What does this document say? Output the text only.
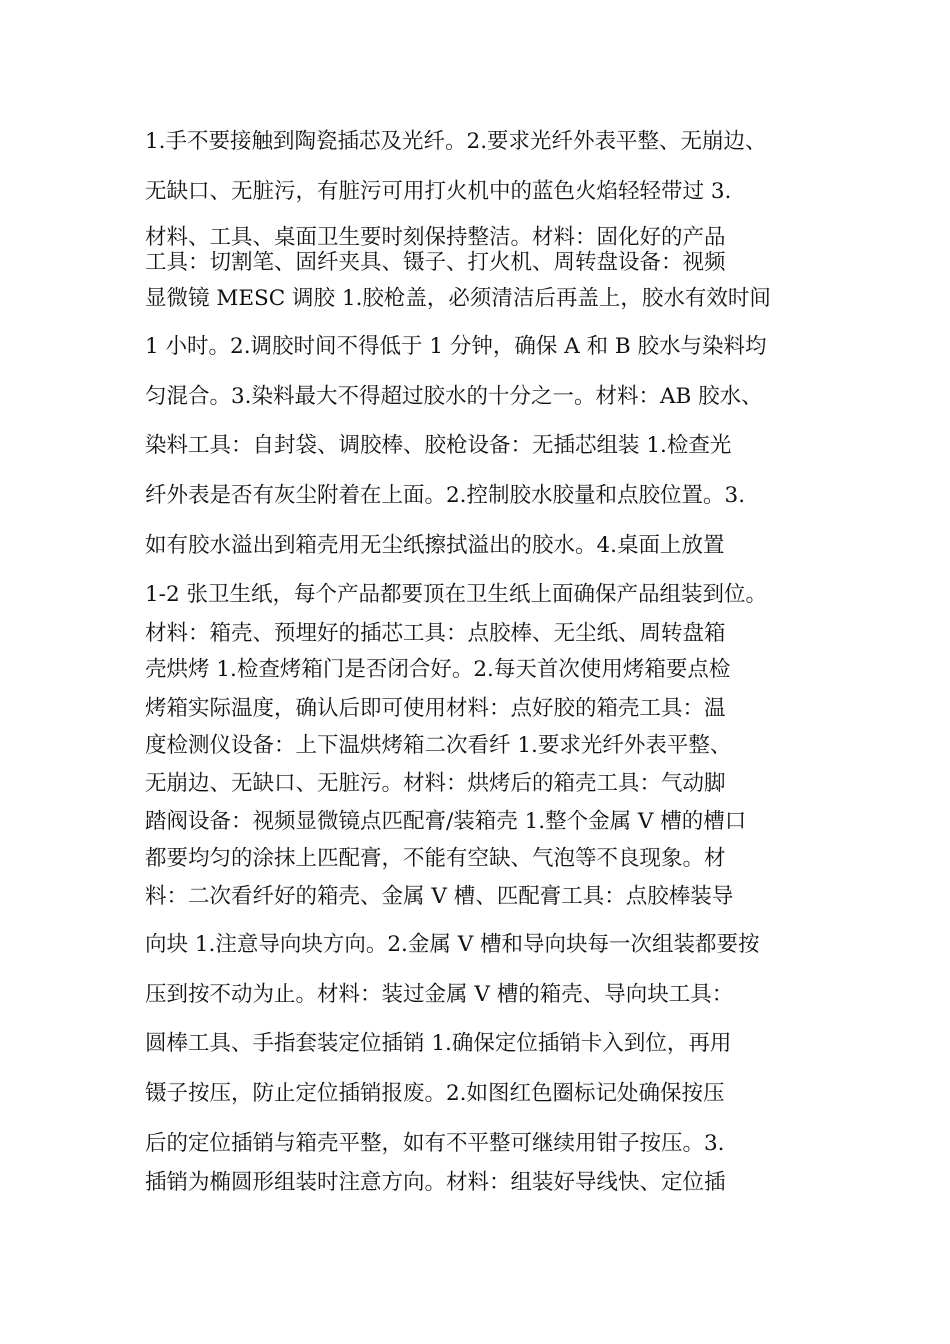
1.手不要接触到陶瓷插芯及光纤。2.要求光纤外表平整、无崩边、
无缺口、无脏污，有脏污可用打火机中的蓝色火焰轻轻带过 3.
材料、工具、桌面卫生要时刻保持整洁。材料：固化好的产品
工具：切割笔、固纤夹具、镊子、打火机、周转盘设备：视频
显微镜 MESC 调胶 1.胶枪盖，必须清洁后再盖上，胶水有效时间
1 小时。2.调胶时间不得低于 1 分钟，确保 A 和 B 胶水与染料均
匀混合。3.染料最大不得超过胶水的十分之一。材料：AB 胶水、
染料工具：自封袋、调胶棒、胶枪设备：无插芯组装 1.检查光
纤外表是否有灰尘附着在上面。2.控制胶水胶量和点胶位置。3.
如有胶水溢出到箱壳用无尘纸擦拭溢出的胶水。4.桌面上放置
1-2 张卫生纸，每个产品都要顶在卫生纸上面确保产品组装到位。
材料：箱壳、预埋好的插芯工具：点胶棒、无尘纸、周转盘箱
壳烘烤 1.检查烤箱门是否闭合好。2.每天首次使用烤箱要点检
烤箱实际温度，确认后即可使用材料：点好胶的箱壳工具：温
度检测仪设备：上下温烘烤箱二次看纤 1.要求光纤外表平整、
无崩边、无缺口、无脏污。材料：烘烤后的箱壳工具：气动脚
踏阀设备：视频显微镜点匹配膏/装箱壳 1.整个金属 V 槽的槽口
都要均匀的涂抹上匹配膏，不能有空缺、气泡等不良现象。材
料：二次看纤好的箱壳、金属 V 槽、匹配膏工具：点胶棒装导
向块 1.注意导向块方向。2.金属 V 槽和导向块每一次组装都要按
压到按不动为止。材料：装过金属 V 槽的箱壳、导向块工具：
圆棒工具、手指套装定位插销 1.确保定位插销卡入到位，再用
镊子按压，防止定位插销报废。2.如图红色圈标记处确保按压
后的定位插销与箱壳平整，如有不平整可继续用钳子按压。3.
插销为椭圆形组装时注意方向。材料：组装好导线快、定位插
